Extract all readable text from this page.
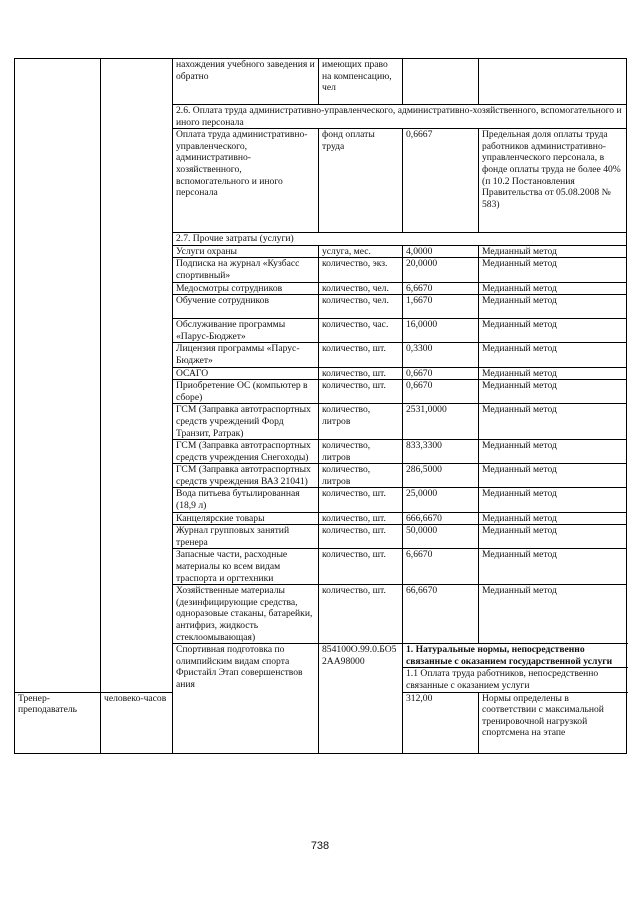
		нахождения учебного заведения и обратно	имеющих право на компенсацию, чел		
		2.6. Оплата труда административно-управленческого, административно-хозяйственного, вспомогательного и иного персонала			
		Оплата труда административно-управленческого, административно-хозяйственного, вспомогательного и иного персонала	фонд оплаты труда	0,6667	Предельная доля оплаты труда работников административно-управленческого персонала, в фонде оплаты труда не более 40% (п 10.2 Постановления Правительства от 05.08.2008 № 583)
		2.7. Прочие затраты (услуги)			
		Услуги охраны	услуга, мес.	4,0000	Медианный метод
		Подписка на журнал «Кузбасс спортивный»	количество, экз.	20,0000	Медианный метод
		Медосмотры сотрудников	количество, чел.	6,6670	Медианный метод
		Обучение сотрудников	количество, чел.	1,6670	Медианный метод
		Обслуживание программы «Парус-Бюджет»	количество, час.	16,0000	Медианный метод
		Лицензия программы «Парус-Бюджет»	количество, шт.	0,3300	Медианный метод
		ОСАГО	количество, шт.	0,6670	Медианный метод
		Приобретение ОС (компьютер в сборе)	количество, шт.	0,6670	Медианный метод
		ГСМ (Заправка автотраспортных средств учреждений Форд Транзит, Ратрак)	количество, литров	2531,0000	Медианный метод
		ГСМ (Заправка автотраспортных средств учреждения Снегоходы)	количество, литров	833,3300	Медианный метод
		ГСМ (Заправка автотраспортных средств учреждения ВАЗ 21041)	количество, литров	286,5000	Медианный метод
		Вода питьева бутылированная (18,9 л)	количество, шт.	25,0000	Медианный метод
		Канцелярские товары	количество, шт.	666,6670	Медианный метод
		Журнал групповых занятий тренера	количество, шт.	50,0000	Медианный метод
		Запасные части, расходные материалы ко всем видам траспорта и оргтехники	количество, шт.	6,6670	Медианный метод
		Хозяйственные материалы (дезинфицирующие средства, одноразовые стаканы, батарейки, антифриз, жидкость стеклоомывающая)	количество, шт.	66,6670	Медианный метод
		Спортивная подготовка по олимпийским видам спорта Фристайл Этап совершенствов ания	854100О.99.0.БО52АА98000	1. Натуральные нормы, непосредственно связанные с оказанием государственной услуги	
				1.1 Оплата труда работников, непосредственно связанные с оказанием услуги	
Тренер-преподаватель	человеко-часов			312,00	Нормы определены в соответствии с максимальной тренировочной нагрузкой спортсмена на этапе
738
